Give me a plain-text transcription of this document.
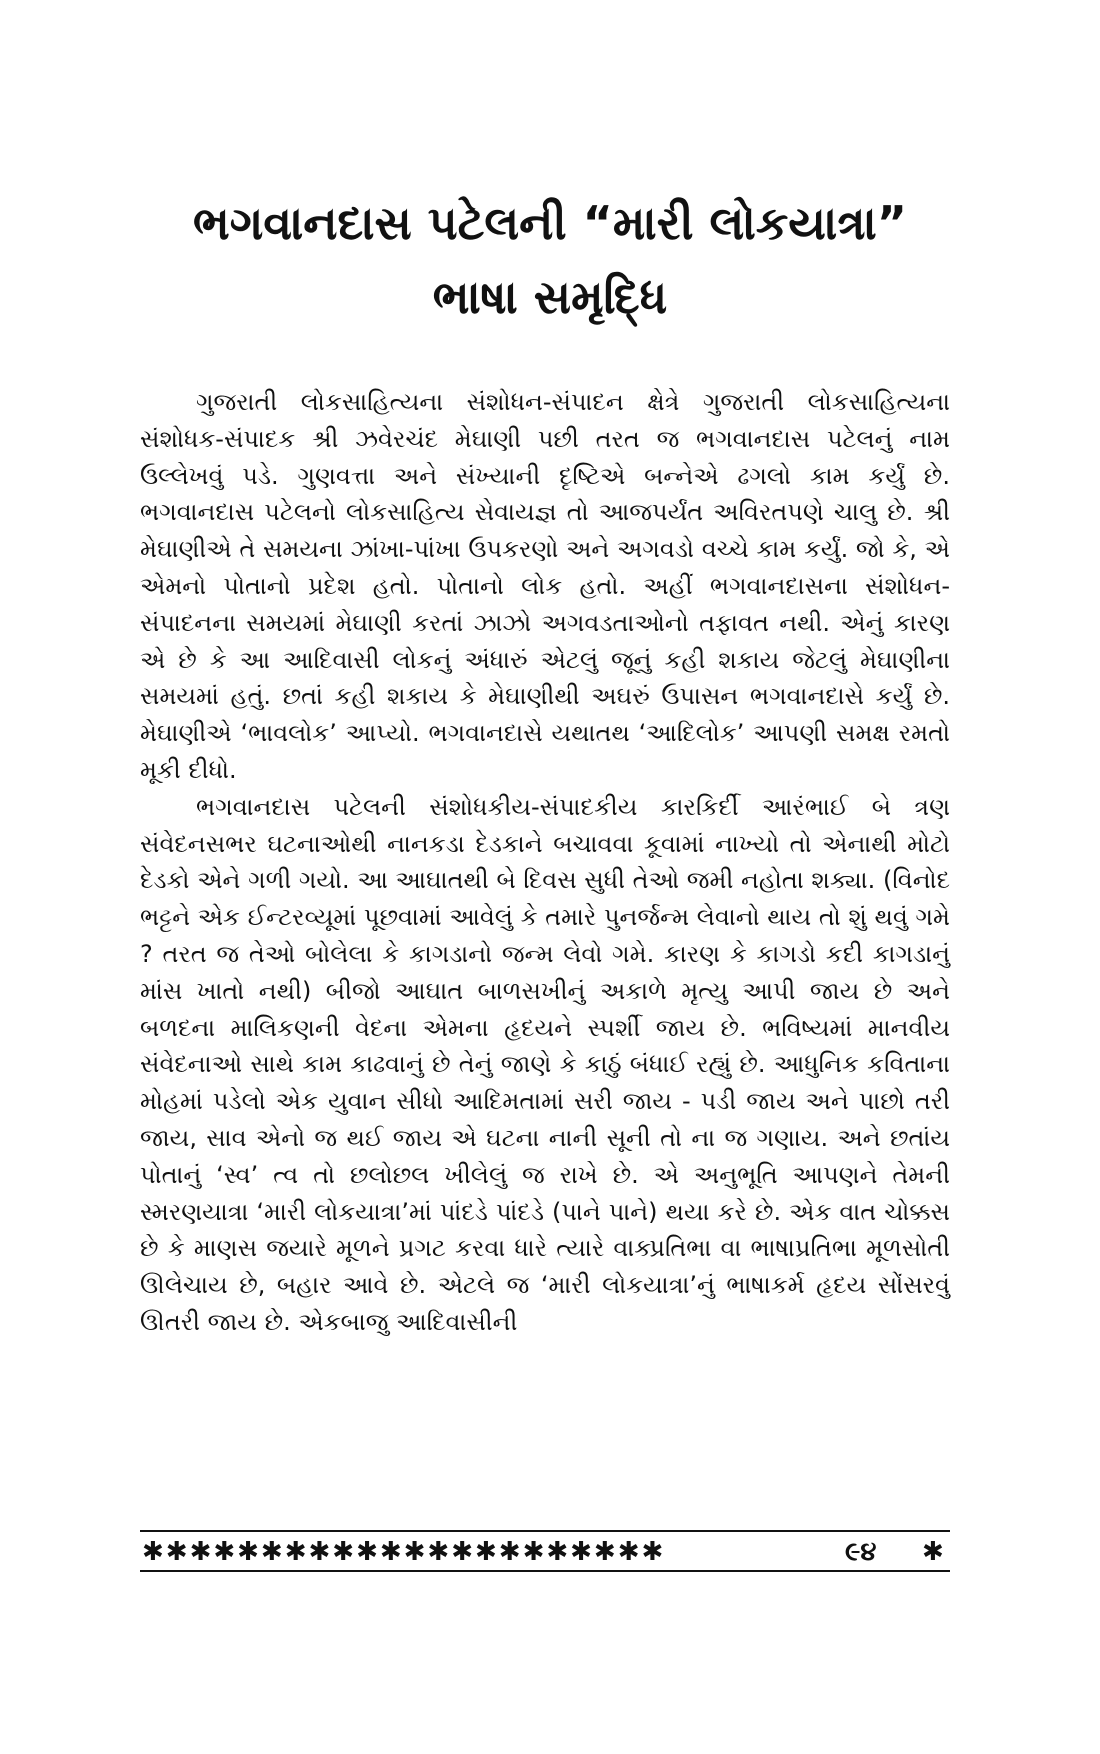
ભગવાનદાસ પટેલની “મારી લોકયાત્રા”
ભાષા સમૃદ્ધિ

ગુજરાતી લોકસાહિત્યના સંશોધન-સંપાદન ક્ષેત્રે ગુજરાતી લોકસાહિત્યના સંશોધક-સંપાદક શ્રી ઝવેરચંદ મેઘાણી પછી તરત જ ભગવાનદાસ પટેલનું નામ ઉલ્લેખવું પડે. ગુણવત્તા અને સંખ્યાની દૃષ્ટિએ બન્નેએ ઢગલો કામ કર્યું છે. ભગવાનદાસ પટેલનો લોકસાહિત્ય સેવાયજ્ઞ તો આજપર્યંત અવિરતપણે ચાલુ છે. શ્રી મેઘાણીએ તે સમયના ઝાંખા-પાંખા ઉપકરણો અને અગવડો વચ્ચે કામ કર્યું. જો કે, એ એમનો પોતાનો પ્રદેશ હતો. પોતાનો લોક હતો. અહીં ભગવાનદાસના સંશોધન-સંપાદનના સમયમાં મેઘાણી કરતાં ઝાઝો અગવડતાઓનો તફાવત નથી. એનું કારણ એ છે કે આ આદિવાસી લોકનું અંધારું એટલું જૂનું કહી શકાય જેટલું મેઘાણીના સમયમાં હતું. છતાં કહી શકાય કે મેઘાણીથી અઘરું ઉપાસન ભગવાનદાસે કર્યું છે. મેઘાણીએ ‘ભાવલોક’ આપ્યો. ભગવાનદાસે યથાતથ ‘આદિલોક’ આપણી સમક્ષ રમતો મૂકી દીધો.

ભગવાનદાસ પટેલની સંશોધકીય-સંપાદકીય કારકિર્દી આરંભાઈ બે ત્રણ સંવેદનસભર ઘટનાઓથી નાનકડા દેડકાને બચાવવા કૂવામાં નાખ્યો તો એનાથી મોટો દેડકો એને ગળી ગયો. આ આઘાતથી બે દિવસ સુધી તેઓ જમી નહોતા શક્યા. (વિનોદ ભટ્ટને એક ઈન્ટરવ્યૂમાં પૂછવામાં આવેલું કે તમારે પુનર્જન્મ લેવાનો થાય તો શું થવું ગમે ? તરત જ તેઓ બોલેલા કે કાગડાનો જન્મ લેવો ગમે. કારણ કે કાગડો કદી કાગડાનું માંસ ખાતો નથી) બીજો આઘાત બાળસખીનું અકાળે મૃત્યુ આપી જાય છે અને બળદના માલિકણની વેદના એમના હૃદયને સ્પર્શી જાય છે. ભવિષ્યમાં માનવીય સંવેદનાઓ સાથે કામ કાઢવાનું છે તેનું જાણે કે કાઠું બંધાઈ રહ્યું છે. આધુનિક કવિતાના મોહમાં પડેલો એક યુવાન સીધો આદિમતામાં સરી જાય - પડી જાય અને પાછો તરી જાય, સાવ એનો જ થઈ જાય એ ઘટના નાની સૂની તો ના જ ગણાય. અને છતાંય પોતાનું ‘સ્વ’ ત્વ તો છલોછલ ખીલેલું જ રાખે છે. એ અનુભૂતિ આપણને તેમની સ્મરણયાત્રા ‘મારી લોકયાત્રા’માં પાંદડે પાંદડે (પાને પાને) થયા કરે છે. એક વાત ચોક્કસ છે કે માણસ જયારે મૂળને પ્રગટ કરવા ધારે ત્યારે વાક્પ્રતિભા વા ભાષાપ્રતિભા મૂળસોતી ઊલેચાય છે, બહાર આવે છે. એટલે જ ‘મારી લોકયાત્રા’નું ભાષાકર્મ હૃદય સોંસરવું ઊતરી જાય છે. એકબાજુ આદિવાસીની

✱✱✱✱✱✱✱✱✱✱✱✱✱✱✱✱✱✱✱✱✱✱	૯૪ ✱
